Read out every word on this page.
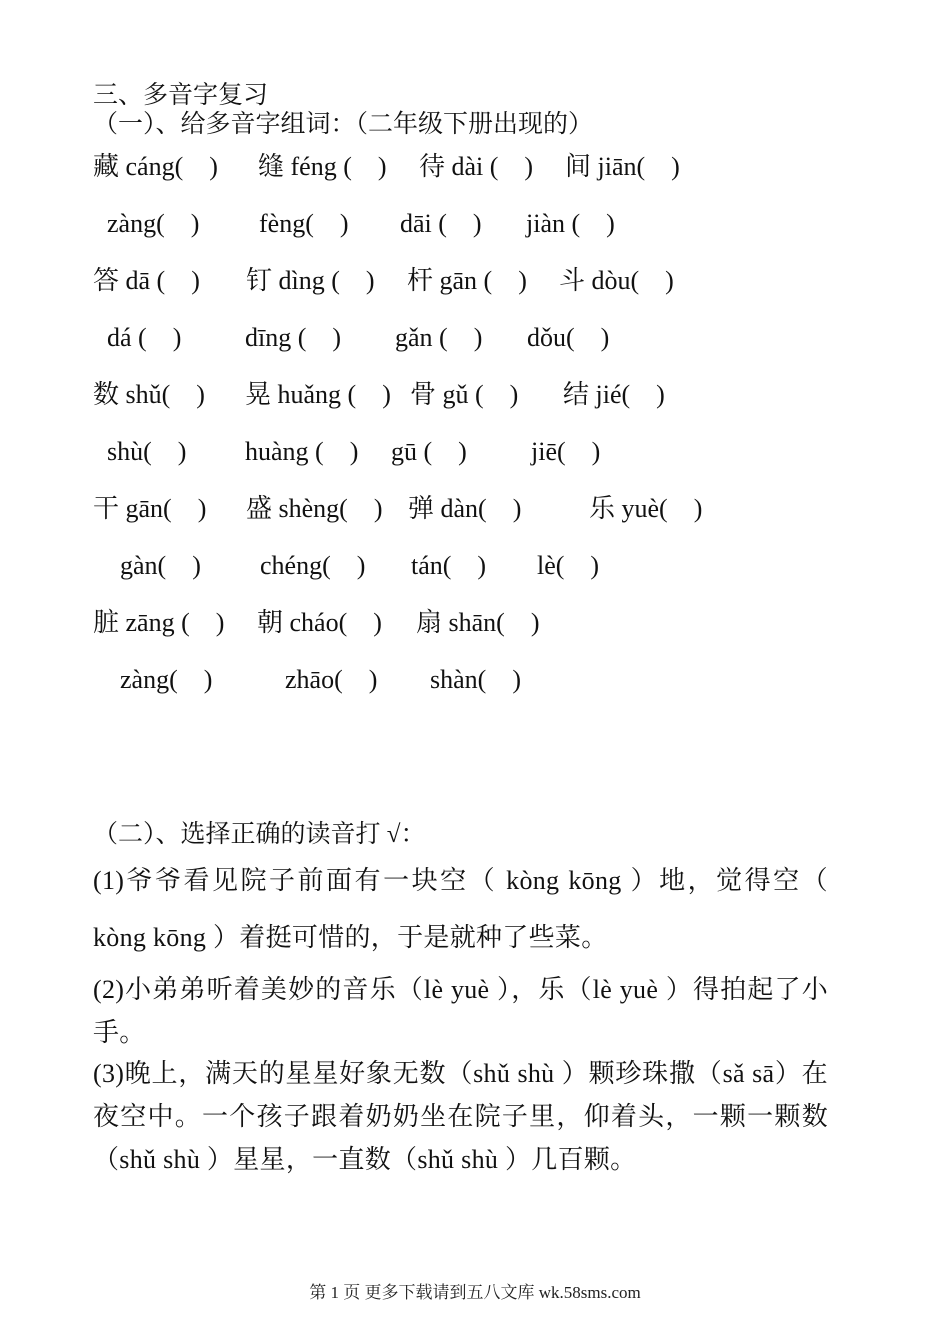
三、多音字复习
（一）、给多音字组词：（二年级下册出现的）

藏 cáng(    )

缝 féng (    )

待 dài (    )

间 jiān(    )

zàng(    )

fèng(    )

dāi (    )

jiàn (    )

答 dā (    )

钉 dìng (    )

杆 gān (    )

斗 dòu(    )

dá (    )

dīng (    )

gǎn (    )

dǒu(    )

数 shǔ(    )

晃 huǎng (    )

骨 gǔ (    )

结 jié(    )

shù(    )

huàng (    )

gū (    )

jiē(    )

干 gān(    )

盛 shèng(    )

弹 dàn(    )

	乐 yuè(    )

gàn(    )

chéng(    )

tán(    )

lè(    )

脏 zāng (    )

朝 cháo(    )

扇 shān(    )

zàng(    )

	zhāo(    )

shàn(    )

（二）、选择正确的读音打 √：
(1)爷爷看见院子前面有一块空（ kòng kōng ）地，觉得空（ kòng kōng ）着挺可惜的，于是就种了些菜。
(2)小弟弟听着美妙的音乐（lè yuè ），乐（lè yuè ）得拍起了小手。
(3)晚上，满天的星星好象无数（shǔ shù ）颗珍珠撒（sǎ sā）在夜空中。一个孩子跟着奶奶坐在院子里，仰着头，一颗一颗数（shǔ shù ）星星，一直数（shǔ shù ）几百颗。
第 1 页 更多下载请到五八文库 wk.58sms.com
